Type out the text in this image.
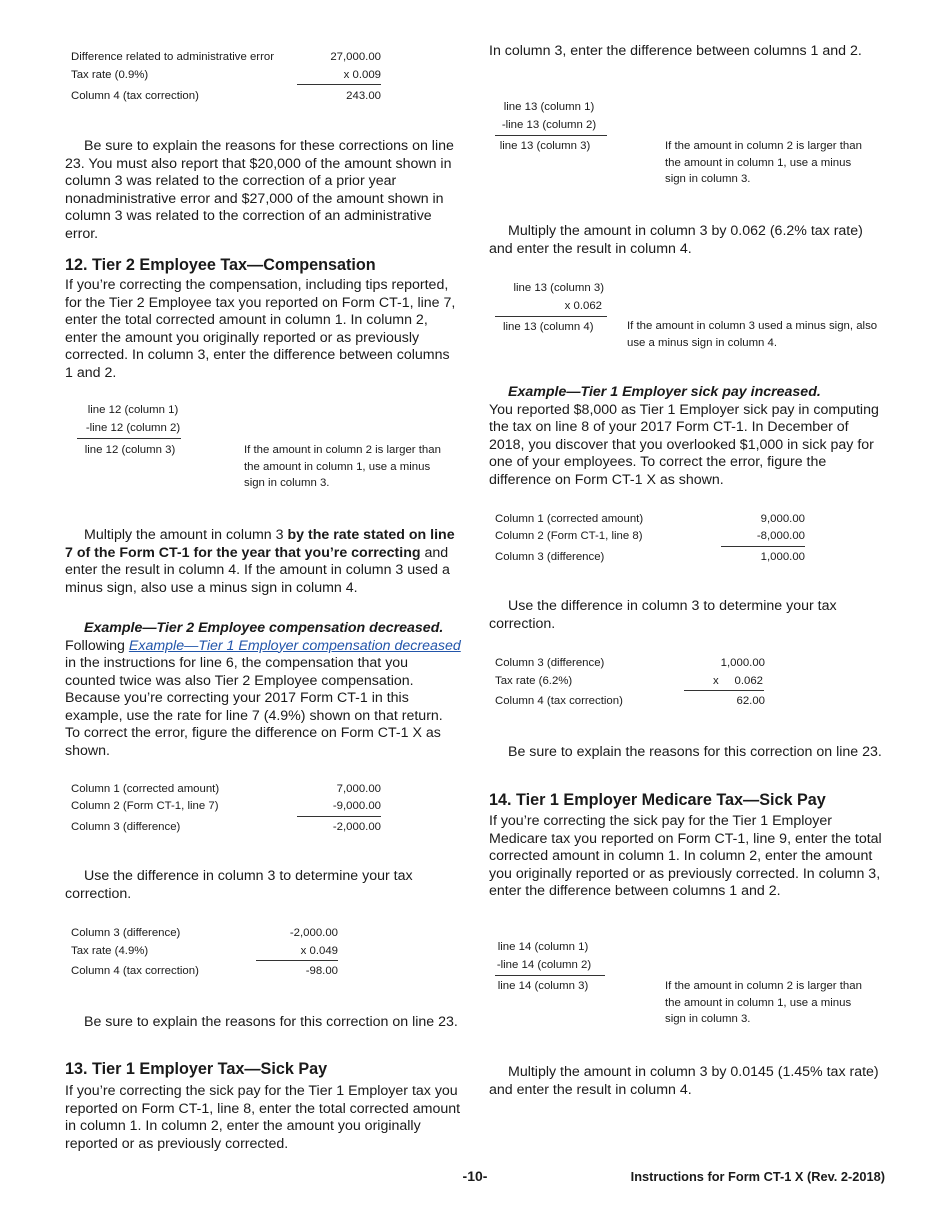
Difference related to administrative error	27,000.00
Tax rate (0.9%)	x 0.009
Column 4 (tax correction)	243.00

Be sure to explain the reasons for these corrections on line 23. You must also report that $20,000 of the amount shown in column 3 was related to the correction of a prior year nonadministrative error and $27,000 of the amount shown in column 3 was related to the correction of an administrative error.

12. Tier 2 Employee Tax—Compensation

If you’re correcting the compensation, including tips reported, for the Tier 2 Employee tax you reported on Form CT-1, line 7, enter the total corrected amount in column 1. In column 2, enter the amount you originally reported or as previously corrected. In column 3, enter the difference between columns 1 and 2.

line 12 (column 1)
-line 12 (column 2)
line 12 (column 3)	If the amount in column 2 is larger than the amount in column 1, use a minus sign in column 3.

Multiply the amount in column 3 by the rate stated on line 7 of the Form CT-1 for the year that you’re correcting and enter the result in column 4. If the amount in column 3 used a minus sign, also use a minus sign in column 4.

Example—Tier 2 Employee compensation decreased.  Following Example—Tier 1 Employer compensation decreased in the instructions for line 6, the compensation that you counted twice was also Tier 2 Employee compensation. Because you’re correcting your 2017 Form CT-1 in this example, use the rate for line 7 (4.9%) shown on that return. To correct the error, figure the difference on Form CT-1 X as shown.

Column 1 (corrected amount)	7,000.00
Column 2 (Form CT-1, line 7)	-9,000.00
Column 3 (difference)	-2,000.00

Use the difference in column 3 to determine your tax correction.

Column 3 (difference)	-2,000.00
Tax rate (4.9%)	x 0.049
Column 4 (tax correction)	-98.00

Be sure to explain the reasons for this correction on line 23.

13. Tier 1 Employer Tax—Sick Pay

If you’re correcting the sick pay for the Tier 1 Employer tax you reported on Form CT-1, line 8, enter the total corrected amount in column 1. In column 2, enter the amount you originally reported or as previously corrected.

In column 3, enter the difference between columns 1 and 2.

line 13 (column 1)
-line 13 (column 2)
line 13 (column 3)	If the amount in column 2 is larger than the amount in column 1, use a minus sign in column 3.

Multiply the amount in column 3 by 0.062 (6.2% tax rate) and enter the result in column 4.

line 13 (column 3)
x 0.062
line 13 (column 4)	If the amount in column 3 used a minus sign, also use a minus sign in column 4.

Example—Tier 1 Employer sick pay increased.
You reported $8,000 as Tier 1 Employer sick pay in computing the tax on line 8 of your 2017 Form CT-1. In December of 2018, you discover that you overlooked $1,000 in sick pay for one of your employees. To correct the error, figure the difference on Form CT-1 X as shown.

Column 1 (corrected amount)	9,000.00
Column 2 (Form CT-1, line 8)	-8,000.00
Column 3 (difference)	1,000.00

Use the difference in column 3 to determine your tax correction.

Column 3 (difference)	1,000.00
Tax rate (6.2%)	x	0.062
Column 4 (tax correction)	62.00

Be sure to explain the reasons for this correction on line 23.

14. Tier 1 Employer Medicare Tax—Sick Pay

If you’re correcting the sick pay for the Tier 1 Employer Medicare tax you reported on Form CT-1, line 9, enter the total corrected amount in column 1. In column 2, enter the amount you originally reported or as previously corrected. In column 3, enter the difference between columns 1 and 2.

line 14 (column 1)
-line 14 (column 2)
line 14 (column 3)	If the amount in column 2 is larger than the amount in column 1, use a minus sign in column 3.

Multiply the amount in column 3 by 0.0145 (1.45% tax rate) and enter the result in column 4.

-10-	Instructions for Form CT-1 X (Rev. 2-2018)
